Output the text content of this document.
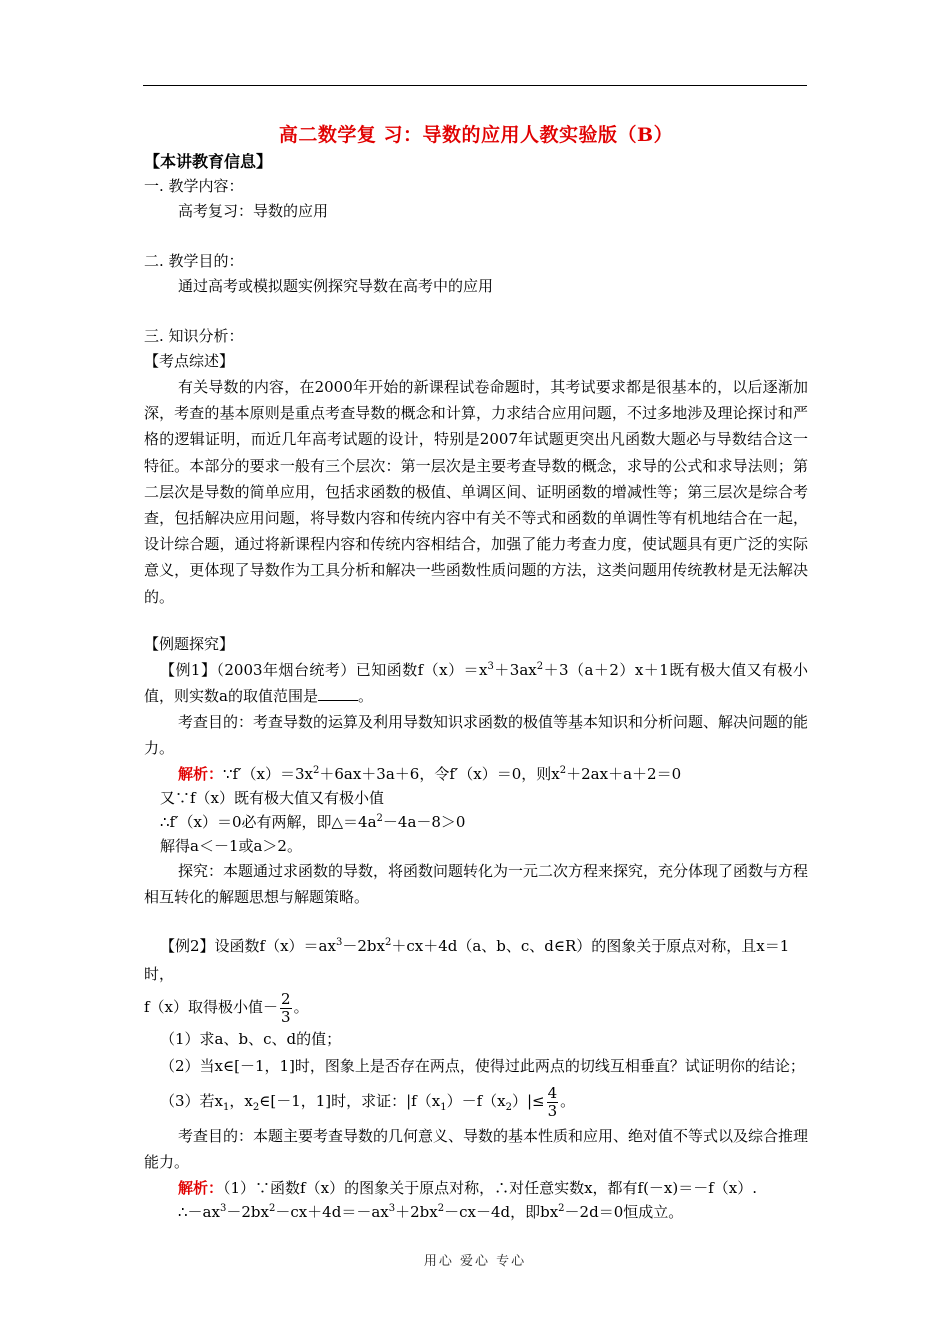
高二数学复 习：导数的应用人教实验版（B）
【本讲教育信息】

一. 教学内容：

高考复习：导数的应用

二. 教学目的：

通过高考或模拟题实例探究导数在高考中的应用

三. 知识分析：

【考点综述】

有关导数的内容，在2000年开始的新课程试卷命题时，其考试要求都是很基本的，以后逐渐加深，考查的基本原则是重点考查导数的概念和计算，力求结合应用问题，不过多地涉及理论探讨和严格的逻辑证明，而近几年高考试题的设计，特别是2007年试题更突出凡函数大题必与导数结合这一特征。本部分的要求一般有三个层次：第一层次是主要考查导数的概念，求导的公式和求导法则；第二层次是导数的简单应用，包括求函数的极值、单调区间、证明函数的增减性等；第三层次是综合考查，包括解决应用问题，将导数内容和传统内容中有关不等式和函数的单调性等有机地结合在一起，设计综合题，通过将新课程内容和传统内容相结合，加强了能力考查力度，使试题具有更广泛的实际意义，更体现了导数作为工具分析和解决一些函数性质问题的方法，这类问题用传统教材是无法解决的。

【例题探究】

【例1】（2003年烟台统考）已知函数$f(x)=x^3+3ax^2+3(a+2)x+1$既有极大值又有极小值，则实数a的取值范围是	。

考查目的：考查导数的运算及利用导数知识求函数的极值等基本知识和分析问题、解决问题的能力。

解析：$\because f'(x)=3x^2+6ax+3a+6$，令f′（x）＝0，则$x^2+2ax+a+2=0$

又∵f（x）既有极大值又有极小值

∴f′（x）＝0必有两解，即$\triangle=4a^2-4a-8>0$

解得a＜－1或a＞2。

探究：本题通过求函数的导数，将函数问题转化为一元二次方程来探究，充分体现了函数与方程相互转化的解题思想与解题策略。

【例2】设函数$f(x)=ax^3-2bx^2+cx+4d(a$、b、c、d∈R）的图象关于原点对称，且x＝1时，

f（x）取得极小值－ $\frac{2}{3}$ 。

（1）求a、b、c、d的值；

（2）当x∈[－1，1]时，图象上是否存在两点，使得过此两点的切线互相垂直？试证明你的结论；

（3）若$x_1$，$x_2\in[-1$，1]时，求证：$|f(x_1)-f(x_2)|\le \frac{4}{3}$ 。

考查目的：本题主要考查导数的几何意义、导数的基本性质和应用、绝对值不等式以及综合推理能力。

解析：（1）∵函数f（x）的图象关于原点对称，∴对任意实数x，都有f(－x)＝－f（x）.

$\therefore-ax^3-2bx^2-cx+4d=-ax^3+2bx^2-cx-4d$，即$bx^2-2d=0$恒成立。

用心 爱心 专心
